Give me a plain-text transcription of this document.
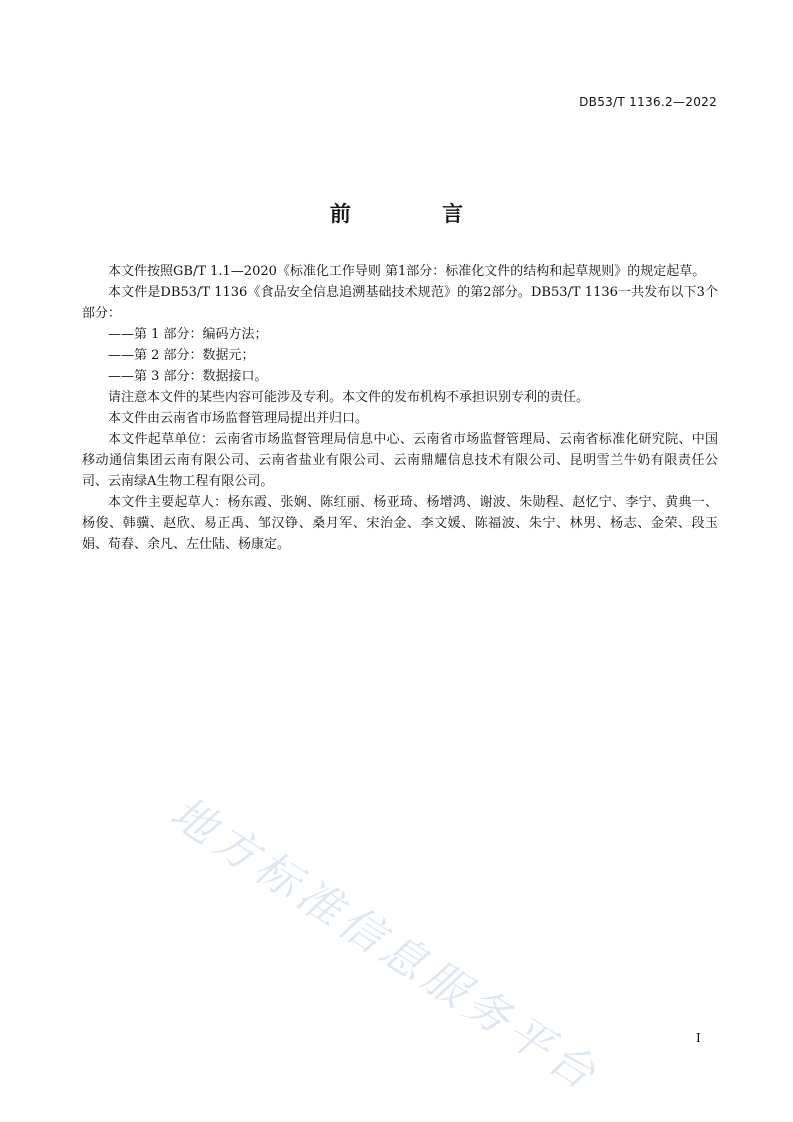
DB53/T 1136.2—2022
前 言

本文件按照GB/T 1.1—2020《标准化工作导则 第1部分：标准化文件的结构和起草规则》的规定起草。

本文件是DB53/T 1136《食品安全信息追溯基础技术规范》的第2部分。DB53/T 1136一共发布以下3个部分：

——第 1 部分：编码方法；

——第 2 部分：数据元；

——第 3 部分：数据接口。

请注意本文件的某些内容可能涉及专利。本文件的发布机构不承担识别专利的责任。

本文件由云南省市场监督管理局提出并归口。

本文件起草单位：云南省市场监督管理局信息中心、云南省市场监督管理局、云南省标准化研究院、中国移动通信集团云南有限公司、云南省盐业有限公司、云南鼎耀信息技术有限公司、昆明雪兰牛奶有限责任公司、云南绿A生物工程有限公司。

本文件主要起草人：杨东霞、张娴、陈红丽、杨亚琦、杨增鸿、谢波、朱勋程、赵忆宁、李宁、黄典一、杨俊、韩骥、赵欣、易正禹、邹汉铮、桑月军、宋治金、李文媛、陈福波、朱宁、林男、杨志、金荣、段玉娟、荀春、余凡、左仕陆、杨康定。

地方标准信息服务平台	I
